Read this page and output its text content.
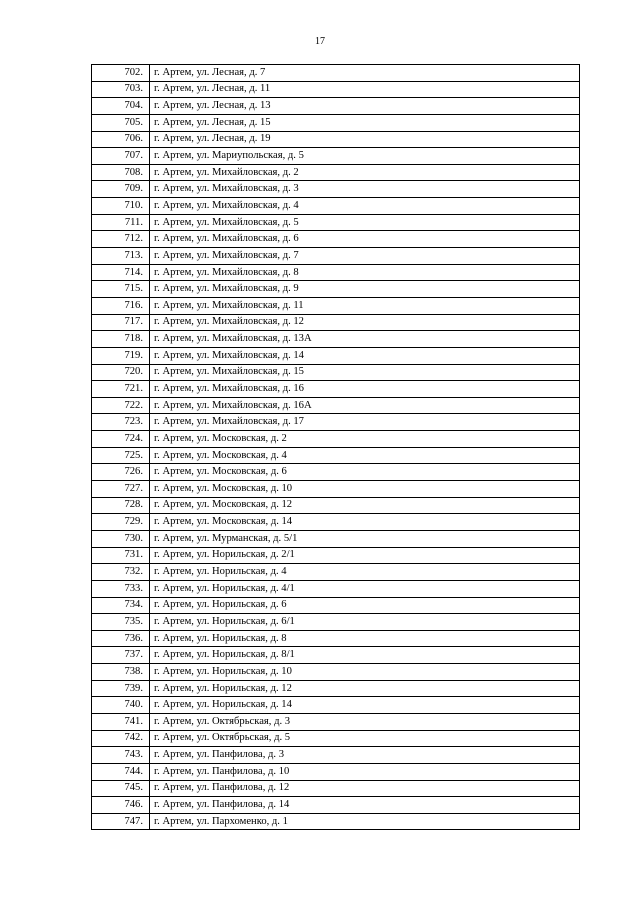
17
702.	г. Артем, ул. Лесная, д. 7
703.	г. Артем, ул. Лесная, д. 11
704.	г. Артем, ул. Лесная, д. 13
705.	г. Артем, ул. Лесная, д. 15
706.	г. Артем, ул. Лесная, д. 19
707.	г. Артем, ул. Мариупольская, д. 5
708.	г. Артем, ул. Михайловская, д. 2
709.	г. Артем, ул. Михайловская, д. 3
710.	г. Артем, ул. Михайловская, д. 4
711.	г. Артем, ул. Михайловская, д. 5
712.	г. Артем, ул. Михайловская, д. 6
713.	г. Артем, ул. Михайловская, д. 7
714.	г. Артем, ул. Михайловская, д. 8
715.	г. Артем, ул. Михайловская, д. 9
716.	г. Артем, ул. Михайловская, д. 11
717.	г. Артем, ул. Михайловская, д. 12
718.	г. Артем, ул. Михайловская, д. 13А
719.	г. Артем, ул. Михайловская, д. 14
720.	г. Артем, ул. Михайловская, д. 15
721.	г. Артем, ул. Михайловская, д. 16
722.	г. Артем, ул. Михайловская, д. 16А
723.	г. Артем, ул. Михайловская, д. 17
724.	г. Артем, ул. Московская, д. 2
725.	г. Артем, ул. Московская, д. 4
726.	г. Артем, ул. Московская, д. 6
727.	г. Артем, ул. Московская, д. 10
728.	г. Артем, ул. Московская, д. 12
729.	г. Артем, ул. Московская, д. 14
730.	г. Артем, ул. Мурманская, д. 5/1
731.	г. Артем, ул. Норильская, д. 2/1
732.	г. Артем, ул. Норильская, д. 4
733.	г. Артем, ул. Норильская, д. 4/1
734.	г. Артем, ул. Норильская, д. 6
735.	г. Артем, ул. Норильская, д. 6/1
736.	г. Артем, ул. Норильская, д. 8
737.	г. Артем, ул. Норильская, д. 8/1
738.	г. Артем, ул. Норильская, д. 10
739.	г. Артем, ул. Норильская, д. 12
740.	г. Артем, ул. Норильская, д. 14
741.	г. Артем, ул. Октябрьская, д. 3
742.	г. Артем, ул. Октябрьская, д. 5
743.	г. Артем, ул. Панфилова, д. 3
744.	г. Артем, ул. Панфилова, д. 10
745.	г. Артем, ул. Панфилова, д. 12
746.	г. Артем, ул. Панфилова, д. 14
747.	г. Артем, ул. Пархоменко, д. 1
